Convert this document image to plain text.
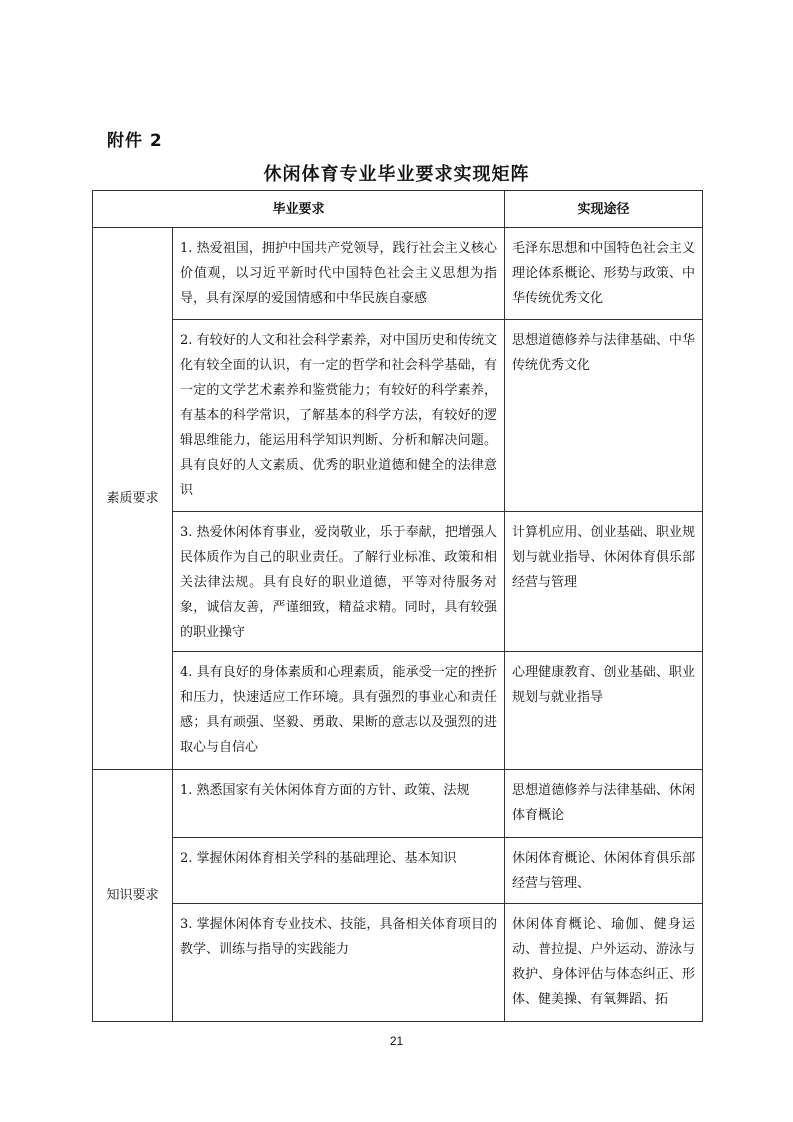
附件 2
休闲体育专业毕业要求实现矩阵
毕业要求		实现途径
素质要求	1. 热爱祖国，拥护中国共产党领导，践行社会主义核心价值观，以习近平新时代中国特色社会主义思想为指导，具有深厚的爱国情感和中华民族自豪感	毛泽东思想和中国特色社会主义理论体系概论、形势与政策、中华传统优秀文化

	2. 有较好的人文和社会科学素养，对中国历史和传统文化有较全面的认识，有一定的哲学和社会科学基础，有一定的文学艺术素养和鉴赏能力；有较好的科学素养，有基本的科学常识，了解基本的科学方法，有较好的逻辑思维能力，能运用科学知识判断、分析和解决问题。具有良好的人文素质、优秀的职业道德和健全的法律意识	思想道德修养与法律基础、中华传统优秀文化

	3. 热爱休闲体育事业，爱岗敬业，乐于奉献，把增强人民体质作为自己的职业责任。了解行业标准、政策和相关法律法规。具有良好的职业道德，平等对待服务对象，诚信友善，严谨细致，精益求精。同时，具有较强的职业操守	计算机应用、创业基础、职业规划与就业指导、休闲体育俱乐部经营与管理

	4. 具有良好的身体素质和心理素质，能承受一定的挫折和压力，快速适应工作环境。具有强烈的事业心和责任感；具有顽强、坚毅、勇敢、果断的意志以及强烈的进取心与自信心	心理健康教育、创业基础、职业规划与就业指导

知识要求	1. 熟悉国家有关休闲体育方面的方针、政策、法规	思想道德修养与法律基础、休闲体育概论

	2. 掌握休闲体育相关学科的基础理论、基本知识	休闲体育概论、休闲体育俱乐部经营与管理、

	3. 掌握休闲体育专业技术、技能，具备相关体育项目的教学、训练与指导的实践能力	休闲体育概论、瑜伽、健身运动、普拉提、户外运动、游泳与救护、身体评估与体态纠正、形体、健美操、有氧舞蹈、拓
21
